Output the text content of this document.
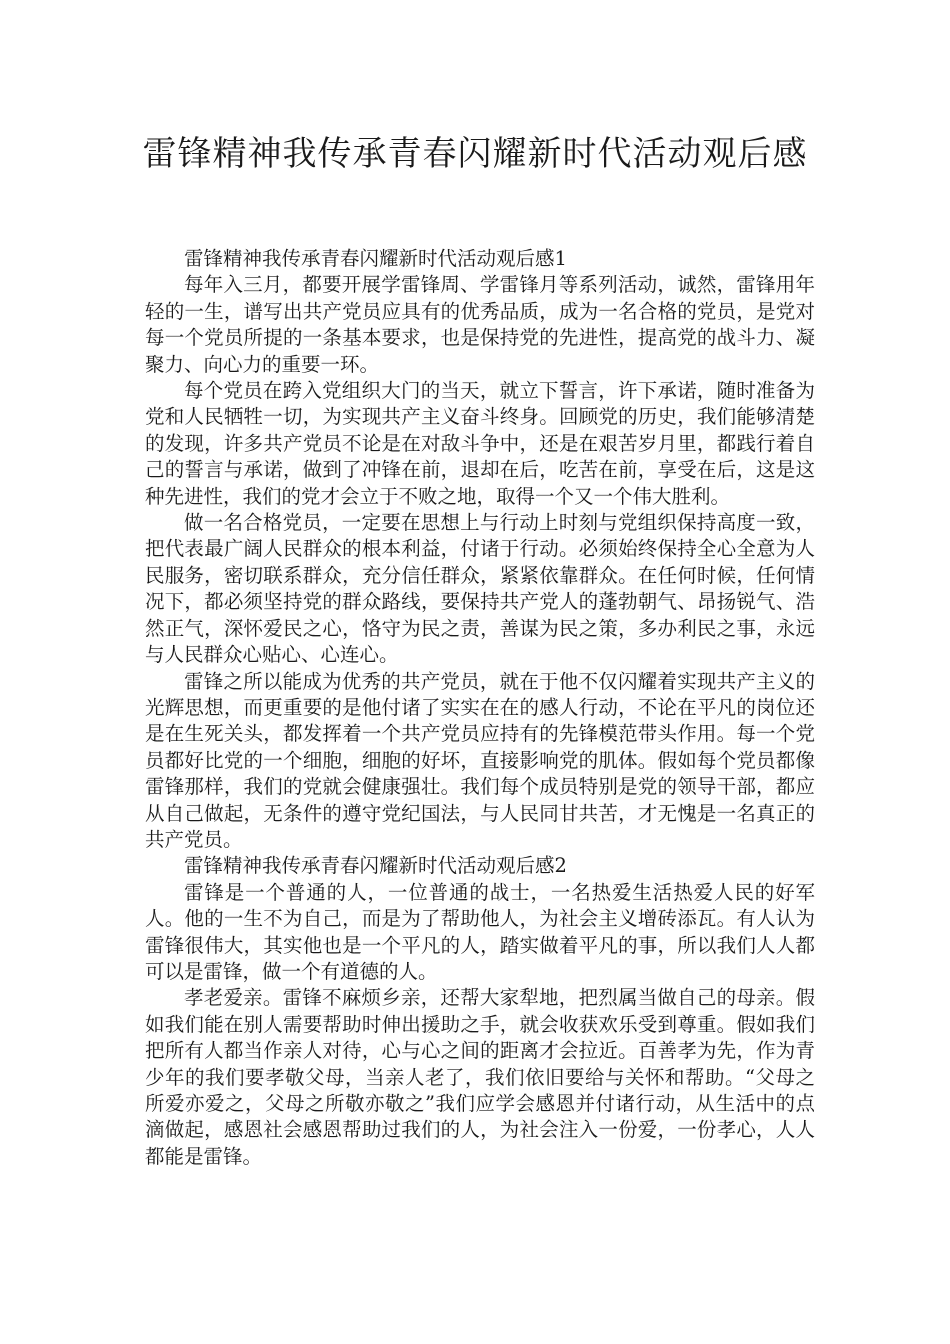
雷锋精神我传承青春闪耀新时代活动观后感

雷锋精神我传承青春闪耀新时代活动观后感1

每年入三月，都要开展学雷锋周、学雷锋月等系列活动，诚然，雷锋用年轻的一生，谱写出共产党员应具有的优秀品质，成为一名合格的党员，是党对每一个党员所提的一条基本要求，也是保持党的先进性，提高党的战斗力、凝聚力、向心力的重要一环。

每个党员在跨入党组织大门的当天，就立下誓言，许下承诺，随时准备为党和人民牺牲一切，为实现共产主义奋斗终身。回顾党的历史，我们能够清楚的发现，许多共产党员不论是在对敌斗争中，还是在艰苦岁月里，都践行着自己的誓言与承诺，做到了冲锋在前，退却在后，吃苦在前，享受在后，这是这种先进性，我们的党才会立于不败之地，取得一个又一个伟大胜利。

做一名合格党员，一定要在思想上与行动上时刻与党组织保持高度一致，把代表最广阔人民群众的根本利益，付诸于行动。必须始终保持全心全意为人民服务，密切联系群众，充分信任群众，紧紧依靠群众。在任何时候，任何情况下，都必须坚持党的群众路线，要保持共产党人的蓬勃朝气、昂扬锐气、浩然正气，深怀爱民之心，恪守为民之责，善谋为民之策，多办利民之事，永远与人民群众心贴心、心连心。

雷锋之所以能成为优秀的共产党员，就在于他不仅闪耀着实现共产主义的光辉思想，而更重要的是他付诸了实实在在的感人行动，不论在平凡的岗位还是在生死关头，都发挥着一个共产党员应持有的先锋模范带头作用。每一个党员都好比党的一个细胞，细胞的好坏，直接影响党的肌体。假如每个党员都像雷锋那样，我们的党就会健康强壮。我们每个成员特别是党的领导干部，都应从自己做起，无条件的遵守党纪国法，与人民同甘共苦，才无愧是一名真正的共产党员。

雷锋精神我传承青春闪耀新时代活动观后感2

雷锋是一个普通的人，一位普通的战士，一名热爱生活热爱人民的好军人。他的一生不为自己，而是为了帮助他人，为社会主义增砖添瓦。有人认为雷锋很伟大，其实他也是一个平凡的人，踏实做着平凡的事，所以我们人人都可以是雷锋，做一个有道德的人。

孝老爱亲。雷锋不麻烦乡亲，还帮大家犁地，把烈属当做自己的母亲。假如我们能在别人需要帮助时伸出援助之手，就会收获欢乐受到尊重。假如我们把所有人都当作亲人对待，心与心之间的距离才会拉近。百善孝为先，作为青少年的我们要孝敬父母，当亲人老了，我们依旧要给与关怀和帮助。“父母之所爱亦爱之，父母之所敬亦敬之”我们应学会感恩并付诸行动，从生活中的点滴做起，感恩社会感恩帮助过我们的人，为社会注入一份爱，一份孝心，人人都能是雷锋。
